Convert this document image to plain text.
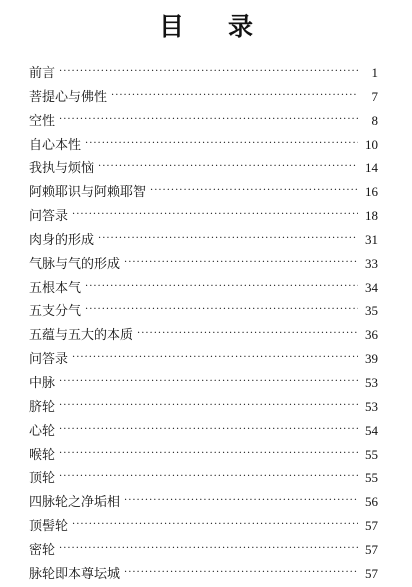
目 录
前言 ·····	1
菩提心与佛性 ·····	7
空性 ·····	8
自心本性 ·····	10
我执与烦恼 ·····	14
阿赖耶识与阿赖耶智 ·····	16
问答录 ·····	18
肉身的形成 ·····	31
气脉与气的形成 ·····	33
五根本气 ·····	34
五支分气 ·····	35
五蕴与五大的本质 ·····	36
问答录 ·····	39
中脉 ·····	53
脐轮 ·····	53
心轮 ·····	54
喉轮 ·····	55
顶轮 ·····	55
四脉轮之净垢相 ·····	56
顶髻轮 ·····	57
密轮 ·····	57
脉轮即本尊坛城 ·····	57
